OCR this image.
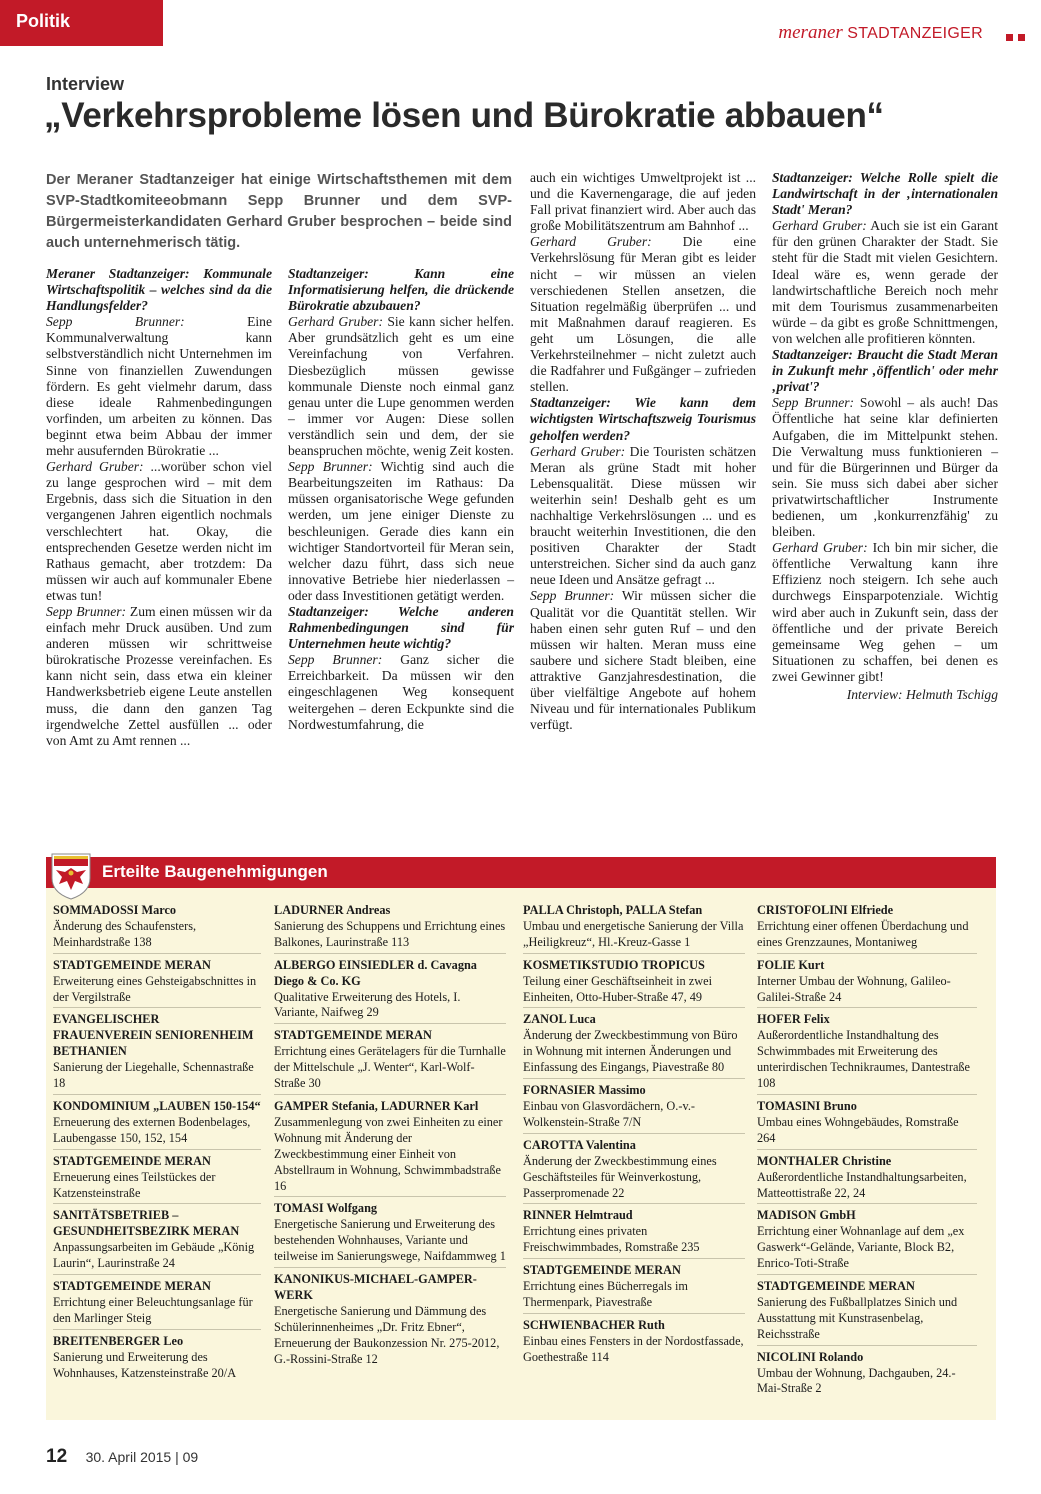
Politik
meraner STADTANZEIGER
Interview
„Verkehrsprobleme lösen und Bürokratie abbauen“
Der Meraner Stadtanzeiger hat einige Wirtschaftsthemen mit dem SVP-Stadtkomiteeobmann Sepp Brunner und dem SVP-Bürgermeisterkandidaten Gerhard Gruber besprochen – beide sind auch unternehmerisch tätig.

Meraner Stadtanzeiger: Kommunale Wirtschaftspolitik – welches sind da die Handlungsfelder?
Sepp Brunner: Eine Kommunalverwaltung kann selbstverständlich nicht Unternehmen im Sinne von finanziellen Zuwendungen fördern. Es geht vielmehr darum, dass diese ideale Rahmenbedingungen vorfinden, um arbeiten zu können. Das beginnt etwa beim Abbau der immer mehr ausufernden Bürokratie ...
Gerhard Gruber: ...worüber schon viel zu lange gesprochen wird – mit dem Ergebnis, dass sich die Situation in den vergangenen Jahren eigentlich nochmals verschlechtert hat. Okay, die entsprechenden Gesetze werden nicht im Rathaus gemacht, aber trotzdem: Da müssen wir auch auf kommunaler Ebene etwas tun!
Sepp Brunner: Zum einen müssen wir da einfach mehr Druck ausüben. Und zum anderen müssen wir schrittweise bürokratische Prozesse vereinfachen. Es kann nicht sein, dass etwa ein kleiner Handwerksbetrieb eigene Leute anstellen muss, die dann den ganzen Tag irgendwelche Zettel ausfüllen ... oder von Amt zu Amt rennen ...

Stadtanzeiger: Kann eine Informatisierung helfen, die drückende Bürokratie abzubauen?
Gerhard Gruber: Sie kann sicher helfen. Aber grundsätzlich geht es um eine Vereinfachung von Verfahren. Diesbezüglich müssen gewisse kommunale Dienste noch einmal ganz genau unter die Lupe genommen werden – immer vor Augen: Diese sollen verständlich sein und dem, der sie beanspruchen möchte, wenig Zeit kosten.
Sepp Brunner: Wichtig sind auch die Bearbeitungszeiten im Rathaus: Da müssen organisatorische Wege gefunden werden, um jene einiger Dienste zu beschleunigen. Gerade dies kann ein wichtiger Standortvorteil für Meran sein, welcher dazu führt, dass sich neue innovative Betriebe hier niederlassen – oder dass Investitionen getätigt werden.
Stadtanzeiger: Welche anderen Rahmenbedingungen sind für Unternehmen heute wichtig?
Sepp Brunner: Ganz sicher die Erreichbarkeit. Da müssen wir den eingeschlagenen Weg konsequent weitergehen – deren Eckpunkte sind die Nordwestumfahrung, die

auch ein wichtiges Umweltprojekt ist ... und die Kavernengarage, die auf jeden Fall privat finanziert wird. Aber auch das große Mobilitätszentrum am Bahnhof ...
Gerhard Gruber: Die eine Verkehrslösung für Meran gibt es leider nicht – wir müssen an vielen verschiedenen Stellen ansetzen, die Situation regelmäßig überprüfen ... und mit Maßnahmen darauf reagieren. Es geht um Lösungen, die alle Verkehrsteilnehmer – nicht zuletzt auch die Radfahrer und Fußgänger – zufrieden stellen.
Stadtanzeiger: Wie kann dem wichtigsten Wirtschaftszweig Tourismus geholfen werden?
Gerhard Gruber: Die Touristen schätzen Meran als grüne Stadt mit hoher Lebensqualität. Diese müssen wir weiterhin sein! Deshalb geht es um nachhaltige Verkehrslösungen ... und es braucht weiterhin Investitionen, die den positiven Charakter der Stadt unterstreichen. Sicher sind da auch ganz neue Ideen und Ansätze gefragt ...
Sepp Brunner: Wir müssen sicher die Qualität vor die Quantität stellen. Wir haben einen sehr guten Ruf – und den müssen wir halten. Meran muss eine saubere und sichere Stadt bleiben, eine attraktive Ganzjahresdestination, die über vielfältige Angebote auf hohem Niveau und für internationales Publikum verfügt.

Stadtanzeiger: Welche Rolle spielt die Landwirtschaft in der ‚internationalen Stadt' Meran?
Gerhard Gruber: Auch sie ist ein Garant für den grünen Charakter der Stadt. Sie steht für die Stadt mit vielen Gesichtern. Ideal wäre es, wenn gerade der landwirtschaftliche Bereich noch mehr mit dem Tourismus zusammenarbeiten würde – da gibt es große Schnittmengen, von welchen alle profitieren könnten.
Stadtanzeiger: Braucht die Stadt Meran in Zukunft mehr ‚öffentlich' oder mehr ‚privat'?
Sepp Brunner: Sowohl – als auch! Das Öffentliche hat seine klar definierten Aufgaben, die im Mittelpunkt stehen. Die Verwaltung muss funktionieren – und für die Bürgerinnen und Bürger da sein. Sie muss sich dabei aber sicher privatwirtschaftlicher Instrumente bedienen, um ‚konkurrenzfähig' zu bleiben.
Gerhard Gruber: Ich bin mir sicher, die öffentliche Verwaltung kann ihre Effizienz noch steigern. Ich sehe auch durchwegs Einsparpotenziale. Wichtig wird aber auch in Zukunft sein, dass der öffentliche und der private Bereich gemeinsame Weg gehen – um Situationen zu schaffen, bei denen es zwei Gewinner gibt!

Interview: Helmuth Tschigg

Erteilte Baugenehmigungen
SOMMADOSSI Marco
Änderung des Schaufensters, Meinhardstraße 138
STADTGEMEINDE MERAN
Erweiterung eines Gehsteigabschnittes in der Vergilstraße
EVANGELISCHER FRAUENVEREIN SENIORENHEIM BETHANIEN
Sanierung der Liegehalle, Schennastraße 18
KONDOMINIUM „LAUBEN 150-154“
Erneuerung des externen Bodenbelages, Laubengasse 150, 152, 154
STADTGEMEINDE MERAN
Erneuerung eines Teilstückes der Katzensteinstraße
SANITÄTSBETRIEB – GESUNDHEITSBEZIRK MERAN
Anpassungsarbeiten im Gebäude „König Laurin“, Laurinstraße 24
STADTGEMEINDE MERAN
Errichtung einer Beleuchtungsanlage für den Marlinger Steig
BREITENBERGER Leo
Sanierung und Erweiterung des Wohnhauses, Katzensteinstraße 20/A
LADURNER Andreas
Sanierung des Schuppens und Errichtung eines Balkones, Laurinstraße 113
ALBERGO EINSIEDLER d. Cavagna Diego & Co. KG
Qualitative Erweiterung des Hotels, I. Variante, Naifweg 29
STADTGEMEINDE MERAN
Errichtung eines Gerätelagers für die Turnhalle der Mittelschule „J. Wenter“, Karl-Wolf-Straße 30
GAMPER Stefania, LADURNER Karl
Zusammenlegung von zwei Einheiten zu einer Wohnung mit Änderung der Zweckbestimmung einer Einheit von Abstellraum in Wohnung, Schwimmbadstraße 16
TOMASI Wolfgang
Energetische Sanierung und Erweiterung des bestehenden Wohnhauses, Variante und teilweise im Sanierungswege, Naifdammweg 1
KANONIKUS-MICHAEL-GAMPER-WERK
Energetische Sanierung und Dämmung des Schülerinnenheimes „Dr. Fritz Ebner“, Erneuerung der Baukonzession Nr. 275-2012, G.-Rossini-Straße 12
PALLA Christoph, PALLA Stefan
Umbau und energetische Sanierung der Villa „Heiligkreuz“, Hl.-Kreuz-Gasse 1
KOSMETIKSTUDIO TROPICUS
Teilung einer Geschäftseinheit in zwei Einheiten, Otto-Huber-Straße 47, 49
ZANOL Luca
Änderung der Zweckbestimmung von Büro in Wohnung mit internen Änderungen und Einfassung des Eingangs, Piavestraße 80
FORNASIER Massimo
Einbau von Glasvordächern, O.-v.-Wolkenstein-Straße 7/N
CAROTTA Valentina
Änderung der Zweckbestimmung eines Geschäftsteiles für Weinverkostung, Passerpromenade 22
RINNER Helmtraud
Errichtung eines privaten Freischwimmbades, Romstraße 235
STADTGEMEINDE MERAN
Errichtung eines Bücherregals im Thermenpark, Piavestraße
SCHWIENBACHER Ruth
Einbau eines Fensters in der Nordostfassade, Goethestraße 114
CRISTOFOLINI Elfriede
Errichtung einer offenen Überdachung und eines Grenzzaunes, Montaniweg
FOLIE Kurt
Interner Umbau der Wohnung, Galileo-Galilei-Straße 24
HOFER Felix
Außerordentliche Instandhaltung des Schwimmbades mit Erweiterung des unterirdischen Technikraumes, Dantestraße 108
TOMASINI Bruno
Umbau eines Wohngebäudes, Romstraße 264
MONTHALER Christine
Außerordentliche Instandhaltungsarbeiten, Matteottistraße 22, 24
MADISON GmbH
Errichtung einer Wohnanlage auf dem „ex Gaswerk“-Gelände, Variante, Block B2, Enrico-Toti-Straße
STADTGEMEINDE MERAN
Sanierung des Fußballplatzes Sinich und Ausstattung mit Kunstrasenbelag, Reichsstraße
NICOLINI Rolando
Umbau der Wohnung, Dachgauben, 24.-Mai-Straße 2
12 30. April 2015 | 09
